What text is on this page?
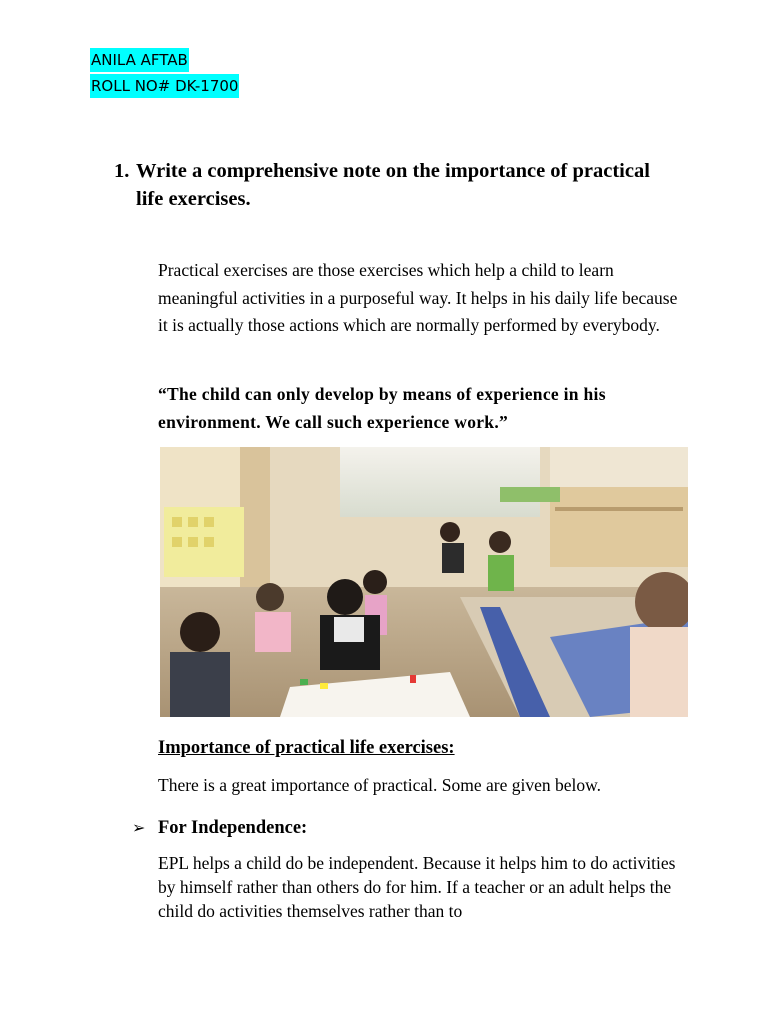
ANILA AFTAB
ROLL NO# DK-1700
1. Write a comprehensive note on the importance of practical life exercises.

Practical exercises are those exercises which help a child to learn meaningful activities in a purposeful way. It helps in his daily life because it is actually those actions which are normally performed by everybody.

“The child can only develop by means of experience in his environment. We call such experience work.”

Importance of practical life exercises:

There is a great importance of practical. Some are given below.

➢ For Independence:

EPL helps a child do be independent. Because it helps him to do activities by himself rather than others do for him. If a teacher or an adult helps the child do activities themselves rather than to
